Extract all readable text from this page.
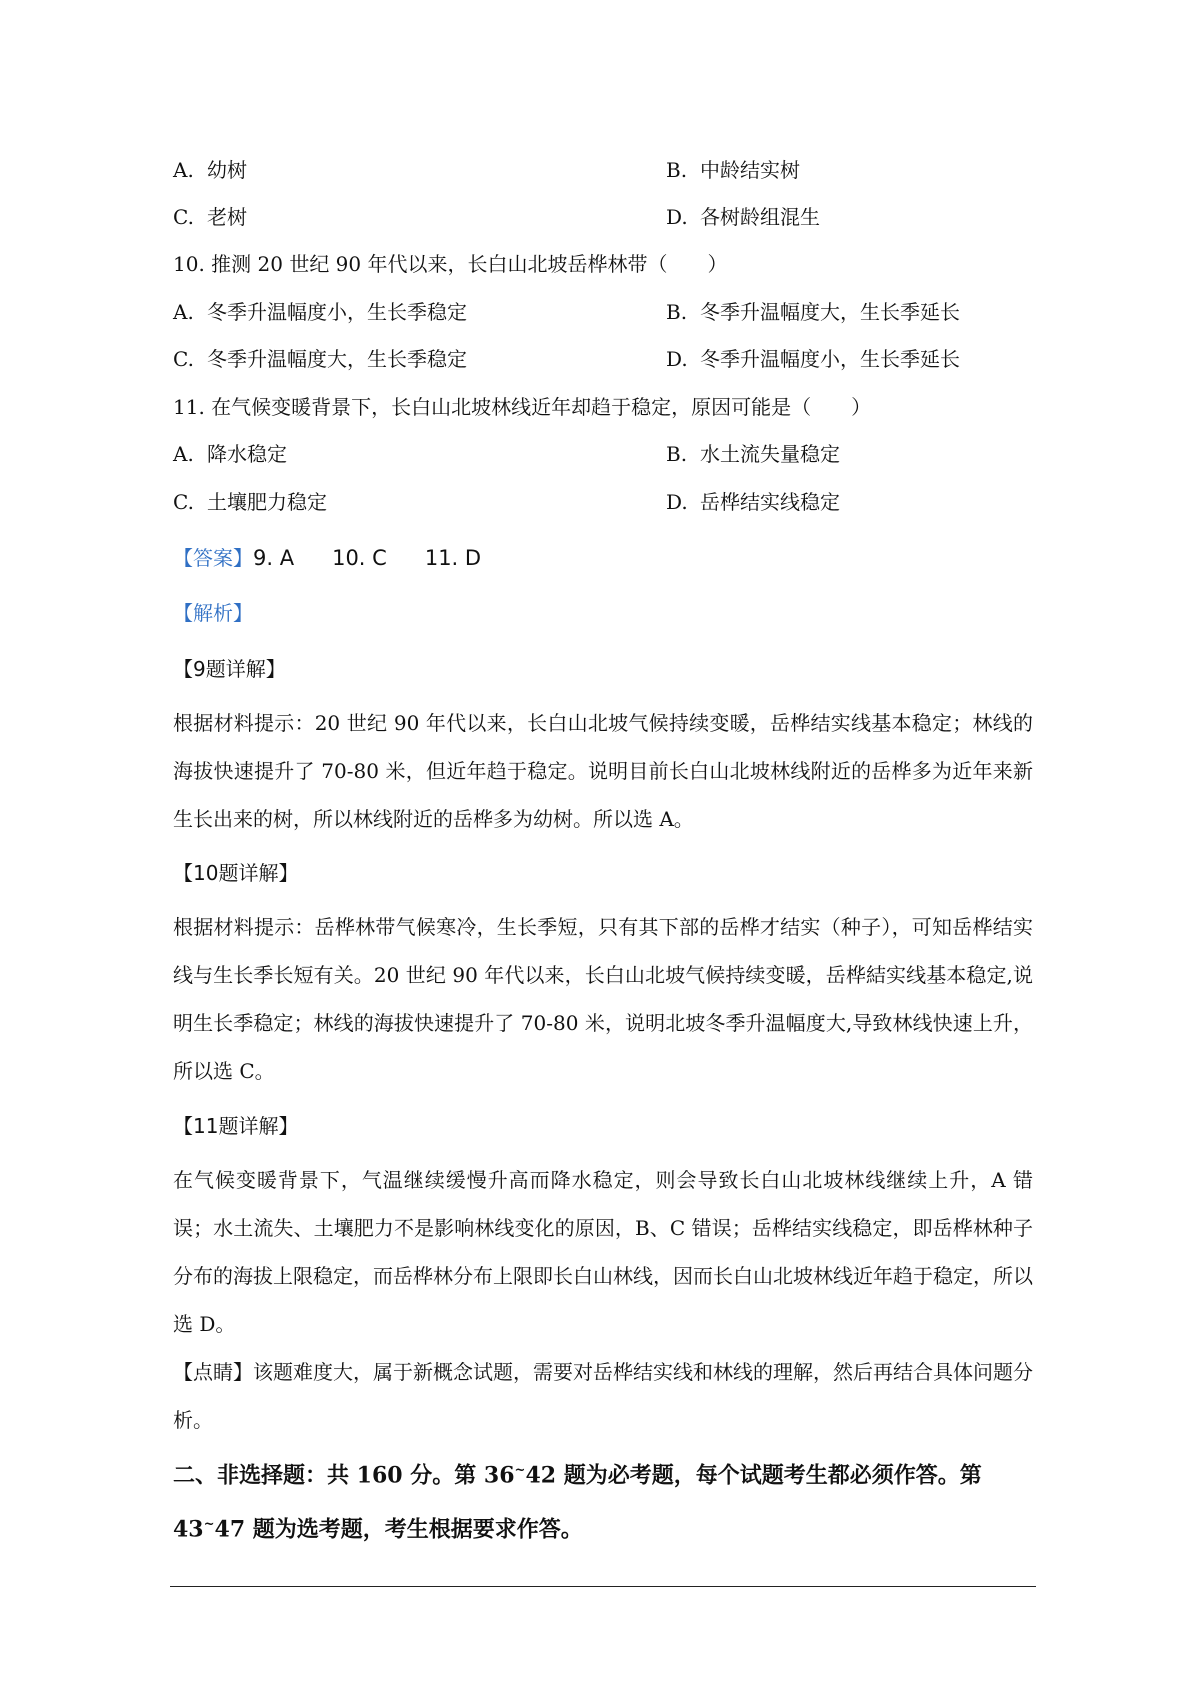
A. 幼树	B. 中龄结实树
C. 老树	D. 各树龄组混生
10. 推测 20 世纪 90 年代以来，长白山北坡岳桦林带（　　）
A. 冬季升温幅度小，生长季稳定	B. 冬季升温幅度大，生长季延长
C. 冬季升温幅度大，生长季稳定	D. 冬季升温幅度小，生长季延长
11. 在气候变暖背景下，长白山北坡林线近年却趋于稳定，原因可能是（　　）
A. 降水稳定	B. 水土流失量稳定
C. 土壤肥力稳定	D. 岳桦结实线稳定
【答案】9. A 10. C 11. D
【解析】
【9题详解】
根据材料提示：20 世纪 90 年代以来，长白山北坡气候持续变暖，岳桦结实线基本稳定；林线的海拔快速提升了 70-80 米，但近年趋于稳定。说明目前长白山北坡林线附近的岳桦多为近年来新生长出来的树，所以林线附近的岳桦多为幼树。所以选 A。
【10题详解】
根据材料提示：岳桦林带气候寒冷，生长季短，只有其下部的岳桦才结实（种子），可知岳桦结实线与生长季长短有关。20 世纪 90 年代以来，长白山北坡气候持续变暖，岳桦結实线基本稳定,说明生长季稳定；林线的海拔快速提升了 70-80 米，说明北坡冬季升温幅度大,导致林线快速上升，所以选 C。
【11题详解】
在气候变暖背景下，气温继续缓慢升高而降水稳定，则会导致长白山北坡林线继续上升，A 错误；水土流失、土壤肥力不是影响林线变化的原因，B、C 错误；岳桦结实线稳定，即岳桦林种子分布的海拔上限稳定，而岳桦林分布上限即长白山林线，因而长白山北坡林线近年趋于稳定，所以选 D。
【点睛】该题难度大，属于新概念试题，需要对岳桦结实线和林线的理解，然后再结合具体问题分析。
二、非选择题：共 160 分。第 36~42 题为必考题，每个试题考生都必须作答。第 43~47 题为选考题，考生根据要求作答。
